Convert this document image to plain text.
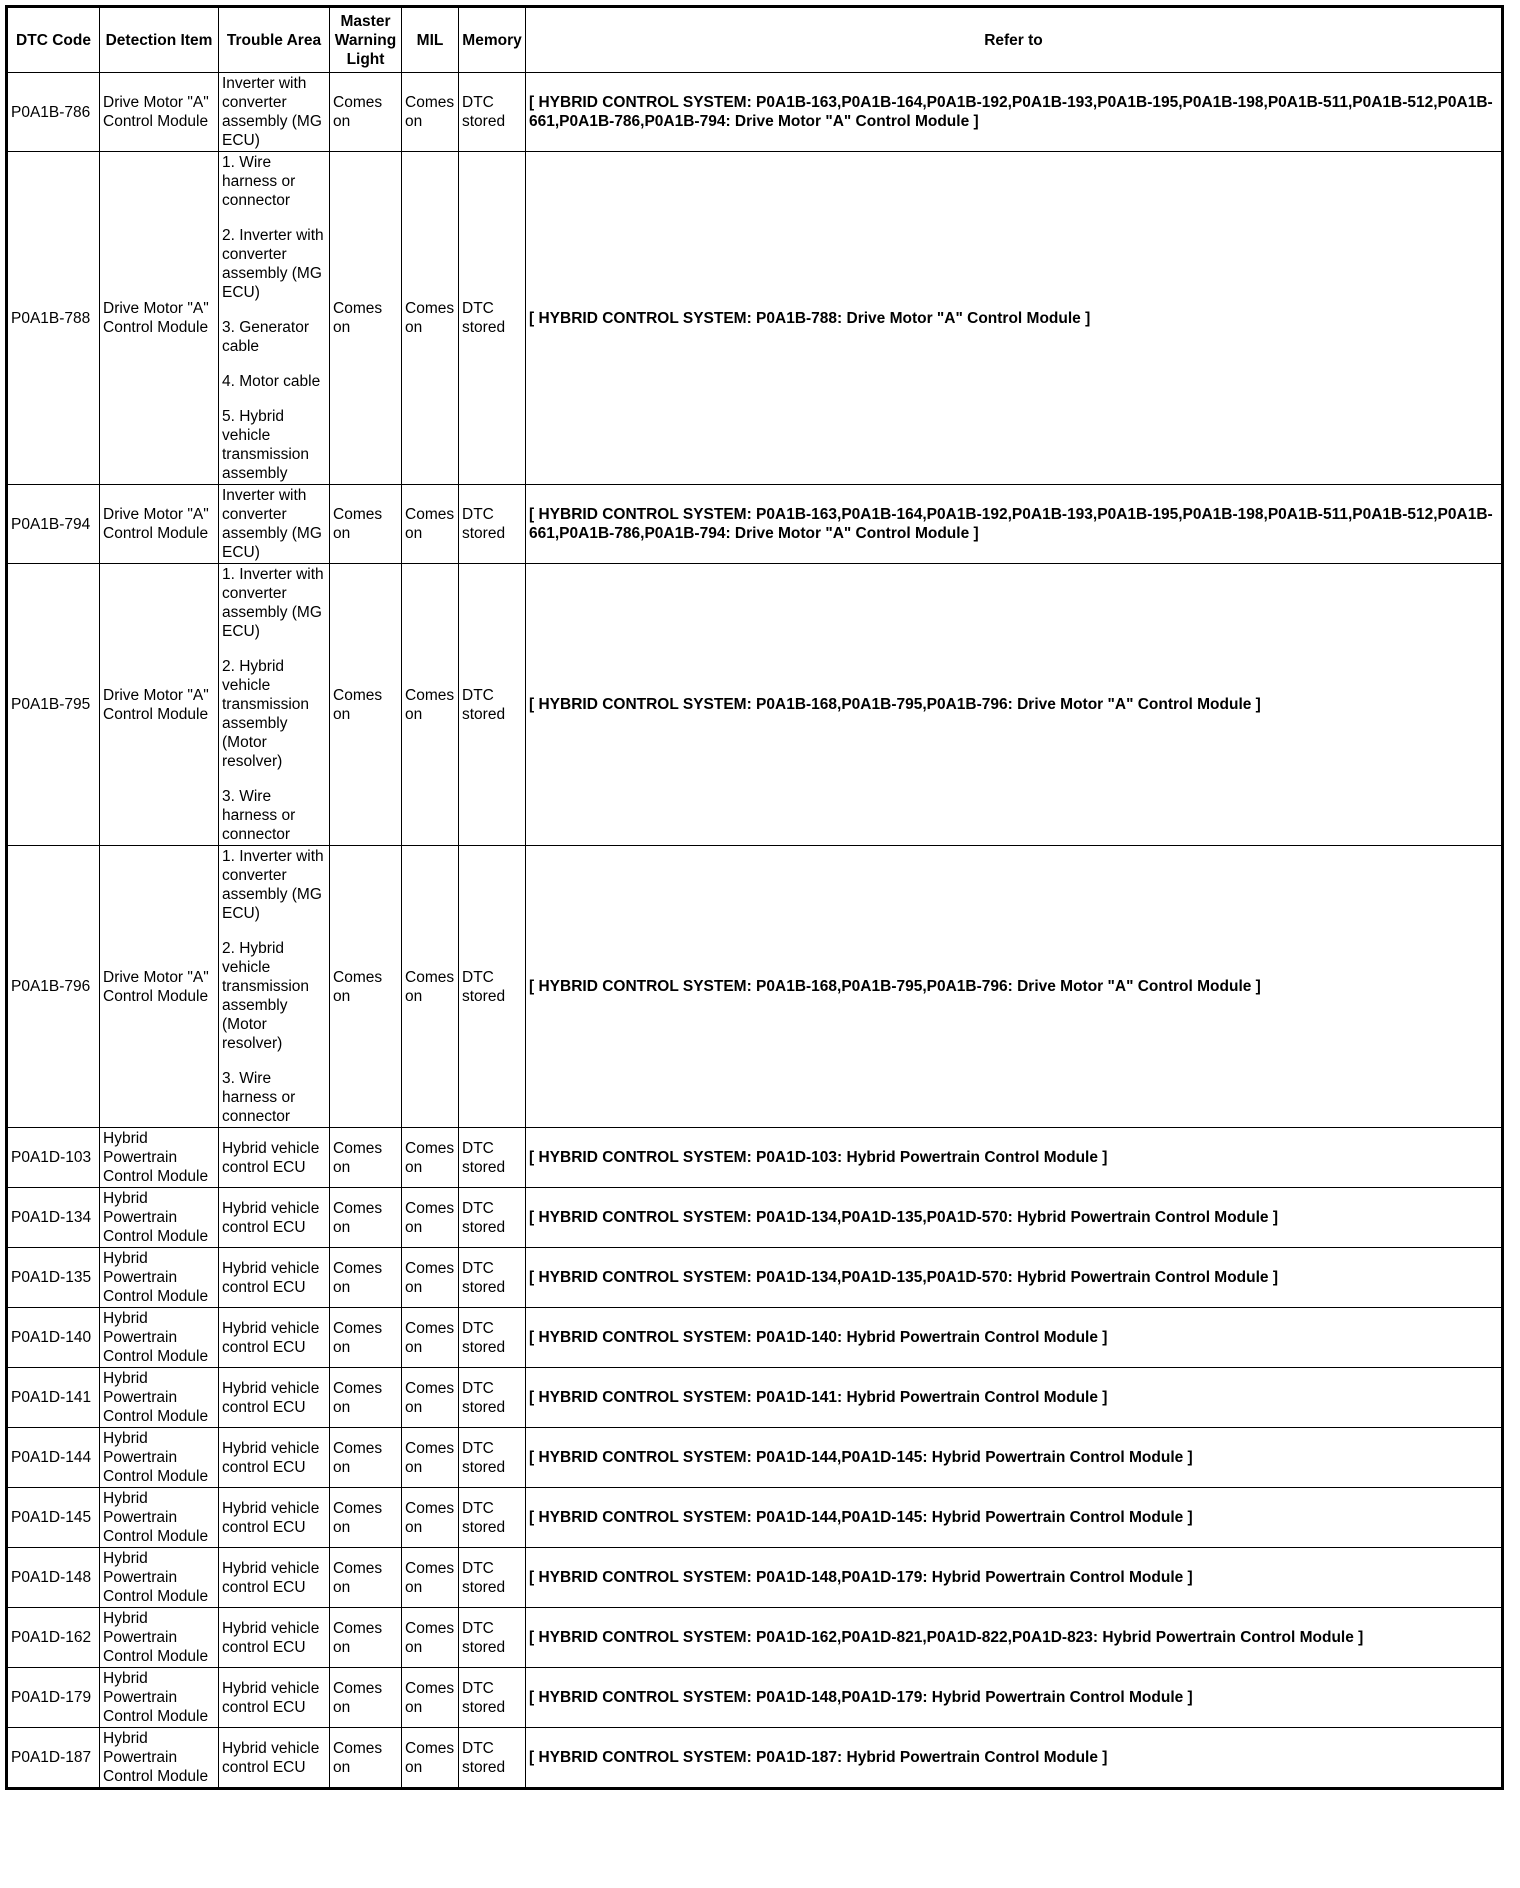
DTC Code	Detection Item	Trouble Area	Master Warning Light	MIL	Memory	Refer to
P0A1B-786	Drive Motor "A" Control Module	Inverter with converter assembly (MG ECU)	Comes on	Comes on	DTC stored	[ HYBRID CONTROL SYSTEM: P0A1B-163,P0A1B-164,P0A1B-192,P0A1B-193,P0A1B-195,P0A1B-198,P0A1B-511,P0A1B-512,P0A1B-661,P0A1B-786,P0A1B-794: Drive Motor "A" Control Module ]
P0A1B-788	Drive Motor "A" Control Module	1. Wire harness or connector
2. Inverter with converter assembly (MG ECU)
3. Generator cable
4. Motor cable
5. Hybrid vehicle transmission assembly	Comes on	Comes on	DTC stored	[ HYBRID CONTROL SYSTEM: P0A1B-788: Drive Motor "A" Control Module ]
P0A1B-794	Drive Motor "A" Control Module	Inverter with converter assembly (MG ECU)	Comes on	Comes on	DTC stored	[ HYBRID CONTROL SYSTEM: P0A1B-163,P0A1B-164,P0A1B-192,P0A1B-193,P0A1B-195,P0A1B-198,P0A1B-511,P0A1B-512,P0A1B-661,P0A1B-786,P0A1B-794: Drive Motor "A" Control Module ]
P0A1B-795	Drive Motor "A" Control Module	1. Inverter with converter assembly (MG ECU)
2. Hybrid vehicle transmission assembly (Motor resolver)
3. Wire harness or connector	Comes on	Comes on	DTC stored	[ HYBRID CONTROL SYSTEM: P0A1B-168,P0A1B-795,P0A1B-796: Drive Motor "A" Control Module ]
P0A1B-796	Drive Motor "A" Control Module	1. Inverter with converter assembly (MG ECU)
2. Hybrid vehicle transmission assembly (Motor resolver)
3. Wire harness or connector	Comes on	Comes on	DTC stored	[ HYBRID CONTROL SYSTEM: P0A1B-168,P0A1B-795,P0A1B-796: Drive Motor "A" Control Module ]
P0A1D-103	Hybrid Powertrain Control Module	Hybrid vehicle control ECU	Comes on	Comes on	DTC stored	[ HYBRID CONTROL SYSTEM: P0A1D-103: Hybrid Powertrain Control Module ]
P0A1D-134	Hybrid Powertrain Control Module	Hybrid vehicle control ECU	Comes on	Comes on	DTC stored	[ HYBRID CONTROL SYSTEM: P0A1D-134,P0A1D-135,P0A1D-570: Hybrid Powertrain Control Module ]
P0A1D-135	Hybrid Powertrain Control Module	Hybrid vehicle control ECU	Comes on	Comes on	DTC stored	[ HYBRID CONTROL SYSTEM: P0A1D-134,P0A1D-135,P0A1D-570: Hybrid Powertrain Control Module ]
P0A1D-140	Hybrid Powertrain Control Module	Hybrid vehicle control ECU	Comes on	Comes on	DTC stored	[ HYBRID CONTROL SYSTEM: P0A1D-140: Hybrid Powertrain Control Module ]
P0A1D-141	Hybrid Powertrain Control Module	Hybrid vehicle control ECU	Comes on	Comes on	DTC stored	[ HYBRID CONTROL SYSTEM: P0A1D-141: Hybrid Powertrain Control Module ]
P0A1D-144	Hybrid Powertrain Control Module	Hybrid vehicle control ECU	Comes on	Comes on	DTC stored	[ HYBRID CONTROL SYSTEM: P0A1D-144,P0A1D-145: Hybrid Powertrain Control Module ]
P0A1D-145	Hybrid Powertrain Control Module	Hybrid vehicle control ECU	Comes on	Comes on	DTC stored	[ HYBRID CONTROL SYSTEM: P0A1D-144,P0A1D-145: Hybrid Powertrain Control Module ]
P0A1D-148	Hybrid Powertrain Control Module	Hybrid vehicle control ECU	Comes on	Comes on	DTC stored	[ HYBRID CONTROL SYSTEM: P0A1D-148,P0A1D-179: Hybrid Powertrain Control Module ]
P0A1D-162	Hybrid Powertrain Control Module	Hybrid vehicle control ECU	Comes on	Comes on	DTC stored	[ HYBRID CONTROL SYSTEM: P0A1D-162,P0A1D-821,P0A1D-822,P0A1D-823: Hybrid Powertrain Control Module ]
P0A1D-179	Hybrid Powertrain Control Module	Hybrid vehicle control ECU	Comes on	Comes on	DTC stored	[ HYBRID CONTROL SYSTEM: P0A1D-148,P0A1D-179: Hybrid Powertrain Control Module ]
P0A1D-187	Hybrid Powertrain Control Module	Hybrid vehicle control ECU	Comes on	Comes on	DTC stored	[ HYBRID CONTROL SYSTEM: P0A1D-187: Hybrid Powertrain Control Module ]
